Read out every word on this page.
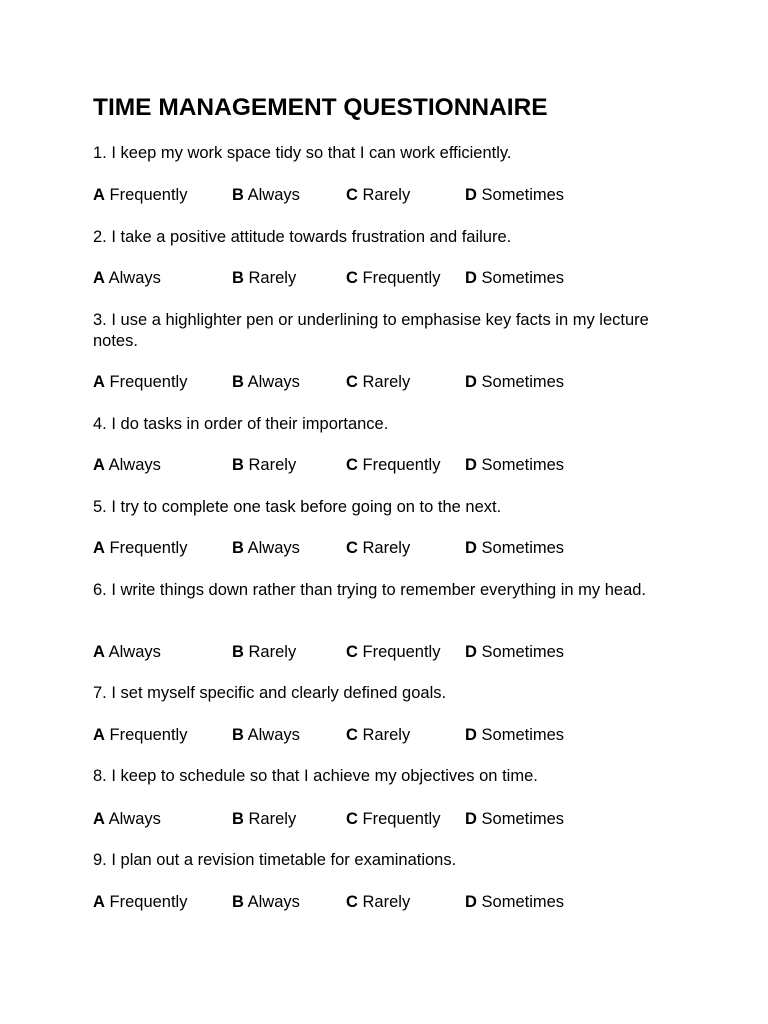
TIME MANAGEMENT QUESTIONNAIRE
1. I keep my work space tidy so that I can work efficiently.
A Frequently	B Always	C Rarely	D Sometimes
2. I take a positive attitude towards frustration and failure.
A Always	B Rarely	C Frequently D Sometimes
3. I use a highlighter pen or underlining to emphasise key facts in my lecture notes.
A Frequently	B Always	C Rarely	D Sometimes
4. I do tasks in order of their importance.
A Always	B Rarely	C Frequently D Sometimes
5. I try to complete one task before going on to the next.
A Frequently	B Always	C Rarely	D Sometimes
6. I write things down rather than trying to remember everything in my head.
A Always	B Rarely	C Frequently D Sometimes
7. I set myself specific and clearly defined goals.
A Frequently	B Always	C Rarely	D Sometimes
8. I keep to schedule so that I achieve my objectives on time.
A Always	B Rarely	C Frequently D Sometimes
9. I plan out a revision timetable for examinations.
A Frequently	B Always	C Rarely	D Sometimes
